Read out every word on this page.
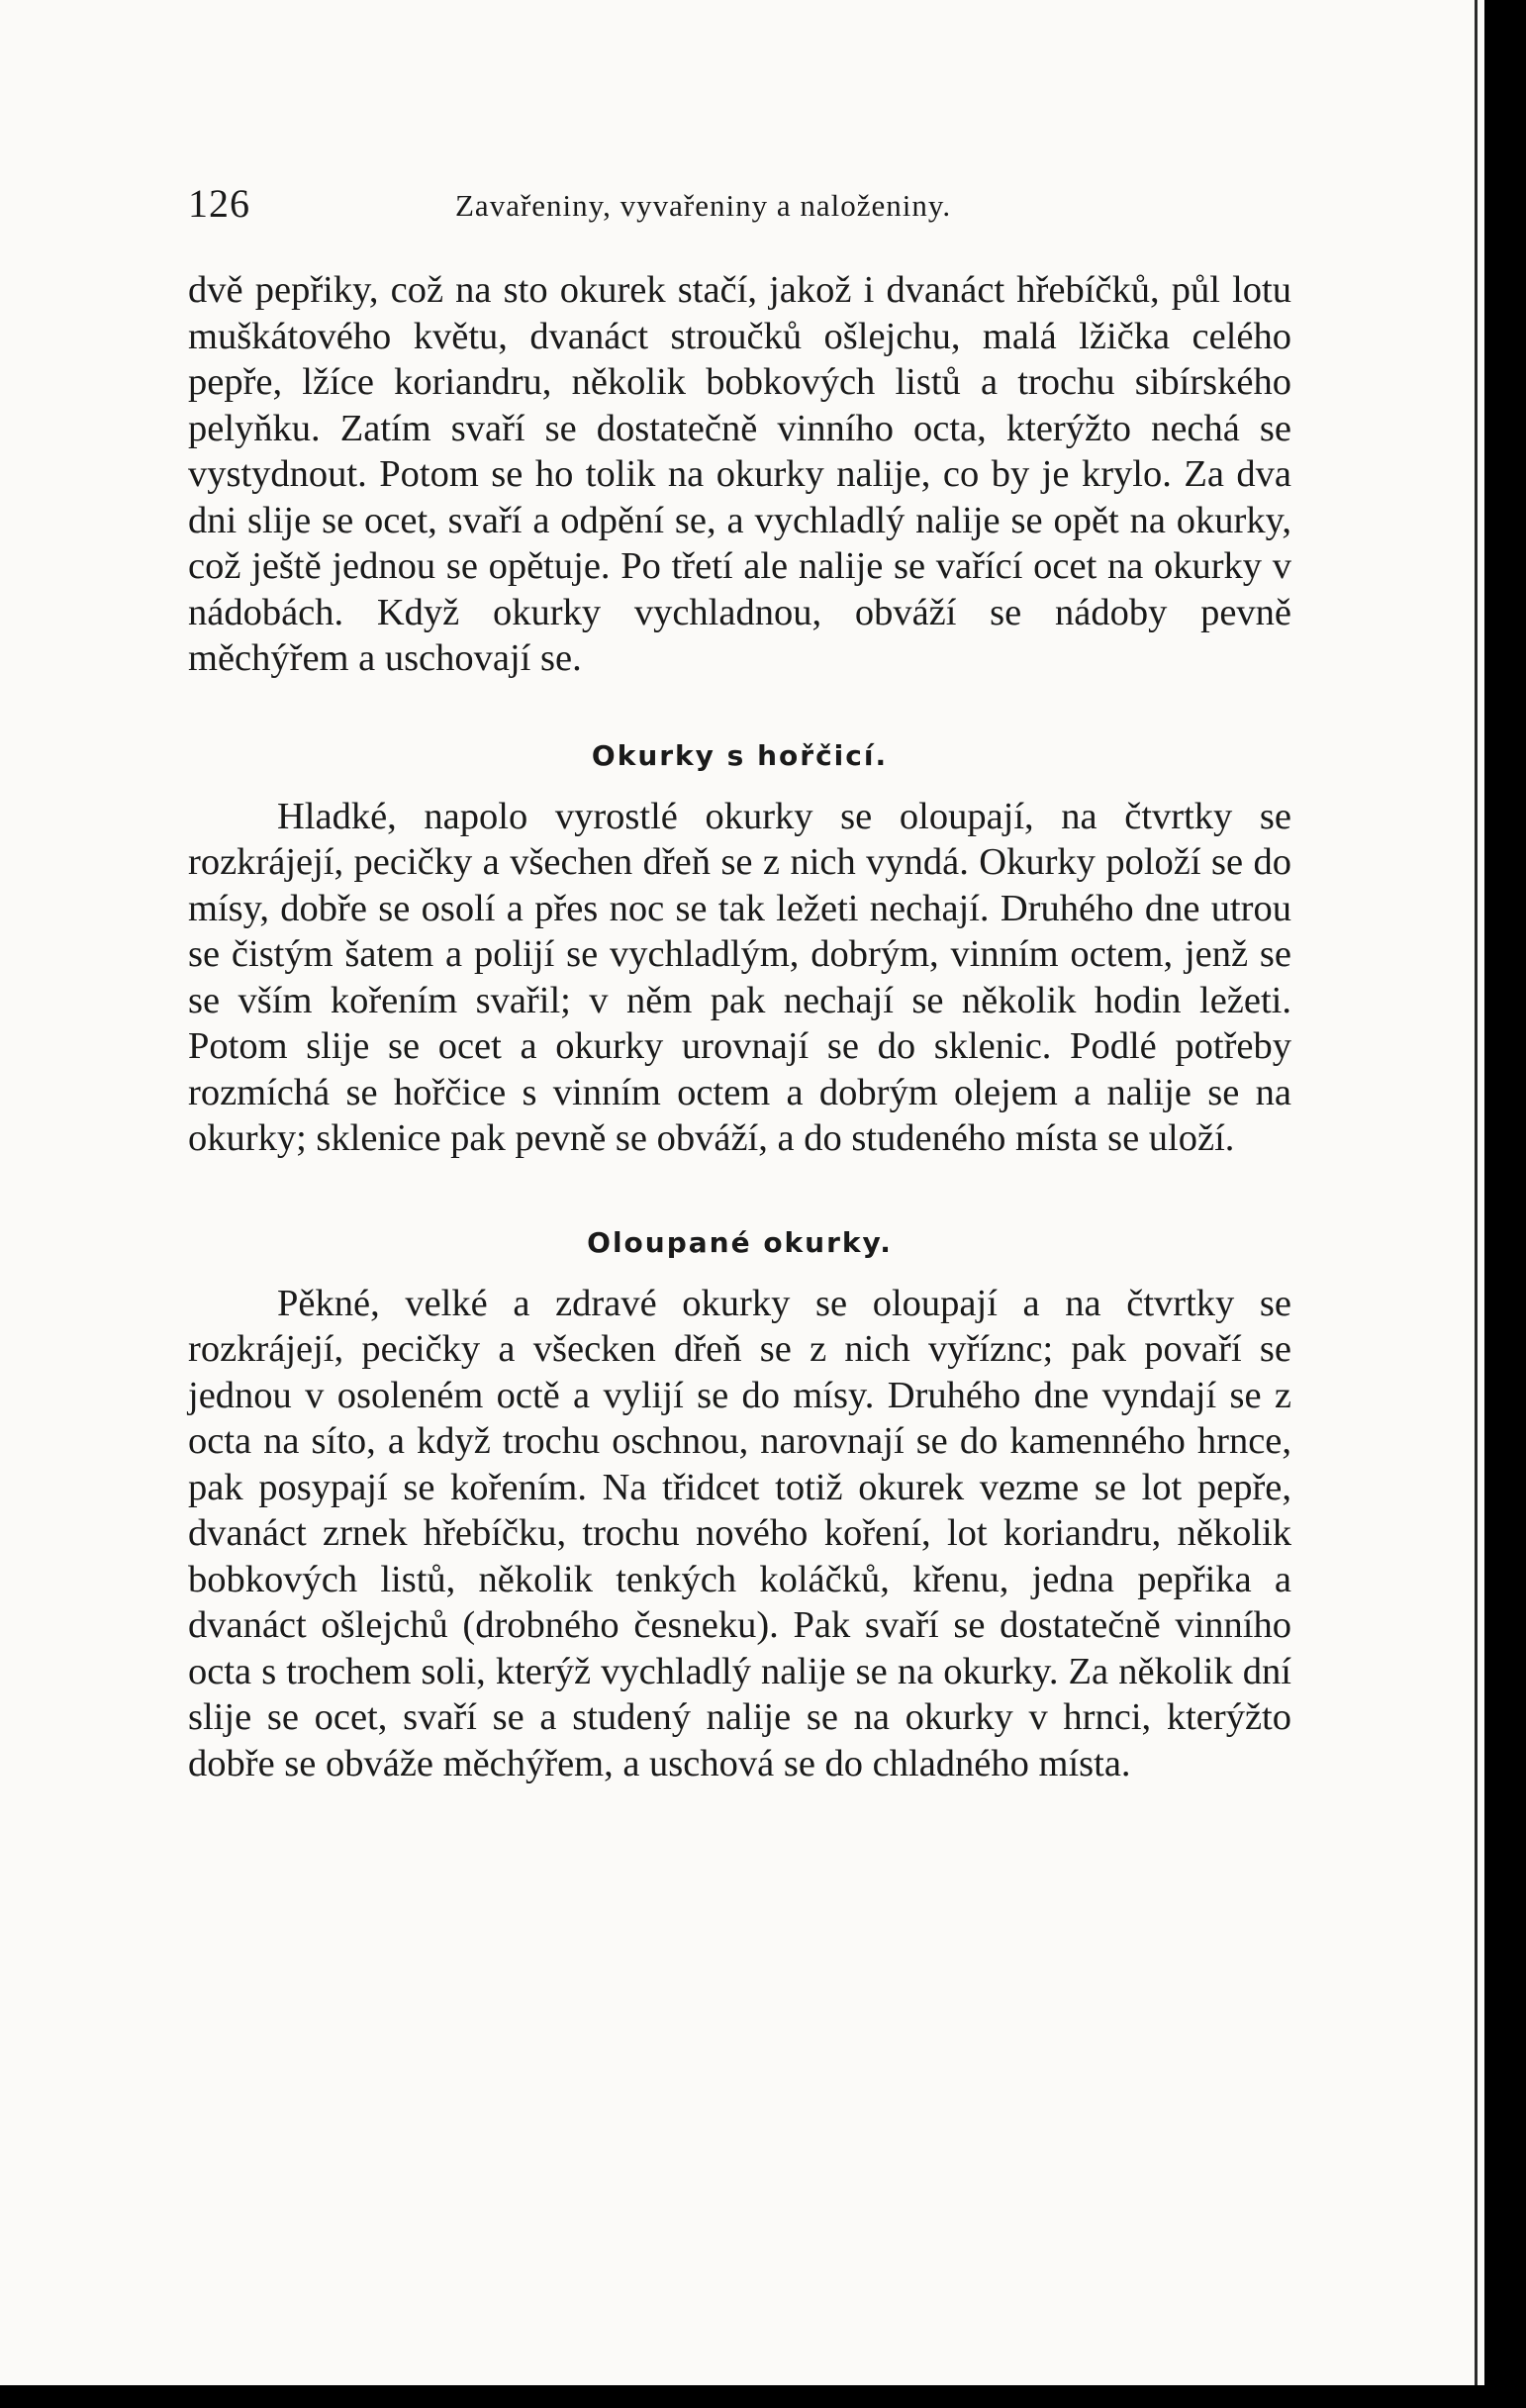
126	Zavařeniny, vyvařeniny a naloženiny.

dvě pepřiky, což na sto okurek stačí, jakož i dvanáct hřebíčků, půl lotu muškátového květu, dvanáct stroučků ošlejchu, malá lžička celého pepře, lžíce koriandru, několik bobkových listů a trochu sibírského pelyňku. Zatím svaří se dostatečně vinního octa, kterýžto nechá se vystydnout. Potom se ho tolik na okurky nalije, co by je krylo. Za dva dni slije se ocet, svaří a odpění se, a vychladlý nalije se opět na okurky, což ještě jednou se opětuje. Po třetí ale nalije se vařící ocet na okurky v nádobách. Když okurky vychladnou, obváží se nádoby pevně měchýřem a uschovají se.

Okurky s hořčicí.

Hladké, napolo vyrostlé okurky se oloupají, na čtvrtky se rozkrájejí, pecičky a všechen dřeň se z nich vyndá. Okurky položí se do mísy, dobře se osolí a přes noc se tak ležeti nechají. Druhého dne utrou se čistým šatem a polijí se vychladlým, dobrým, vinním octem, jenž se se vším kořením svařil; v něm pak nechají se několik hodin ležeti. Potom slije se ocet a okurky urovnají se do sklenic. Podlé potřeby rozmíchá se hořčice s vinním octem a dobrým olejem a nalije se na okurky; sklenice pak pevně se obváží, a do studeného místa se uloží.

Oloupané okurky.

Pěkné, velké a zdravé okurky se oloupají a na čtvrtky se rozkrájejí, pecičky a všecken dřeň se z nich vyříznc; pak povaří se jednou v osoleném octě a vylijí se do mísy. Druhého dne vyndají se z octa na síto, a když trochu oschnou, narovnají se do kamenného hrnce, pak posypají se kořením. Na třidcet totiž okurek vezme se lot pepře, dvanáct zrnek hřebíčku, trochu nového koření, lot koriandru, několik bobkových listů, několik tenkých koláčků, křenu, jedna pepřika a dvanáct ošlejchů (drobného česneku). Pak svaří se dostatečně vinního octa s trochem soli, kterýž vychladlý nalije se na okurky. Za několik dní slije se ocet, svaří se a studený nalije se na okurky v hrnci, kterýžto dobře se obváže měchýřem, a uschová se do chladného místa.
